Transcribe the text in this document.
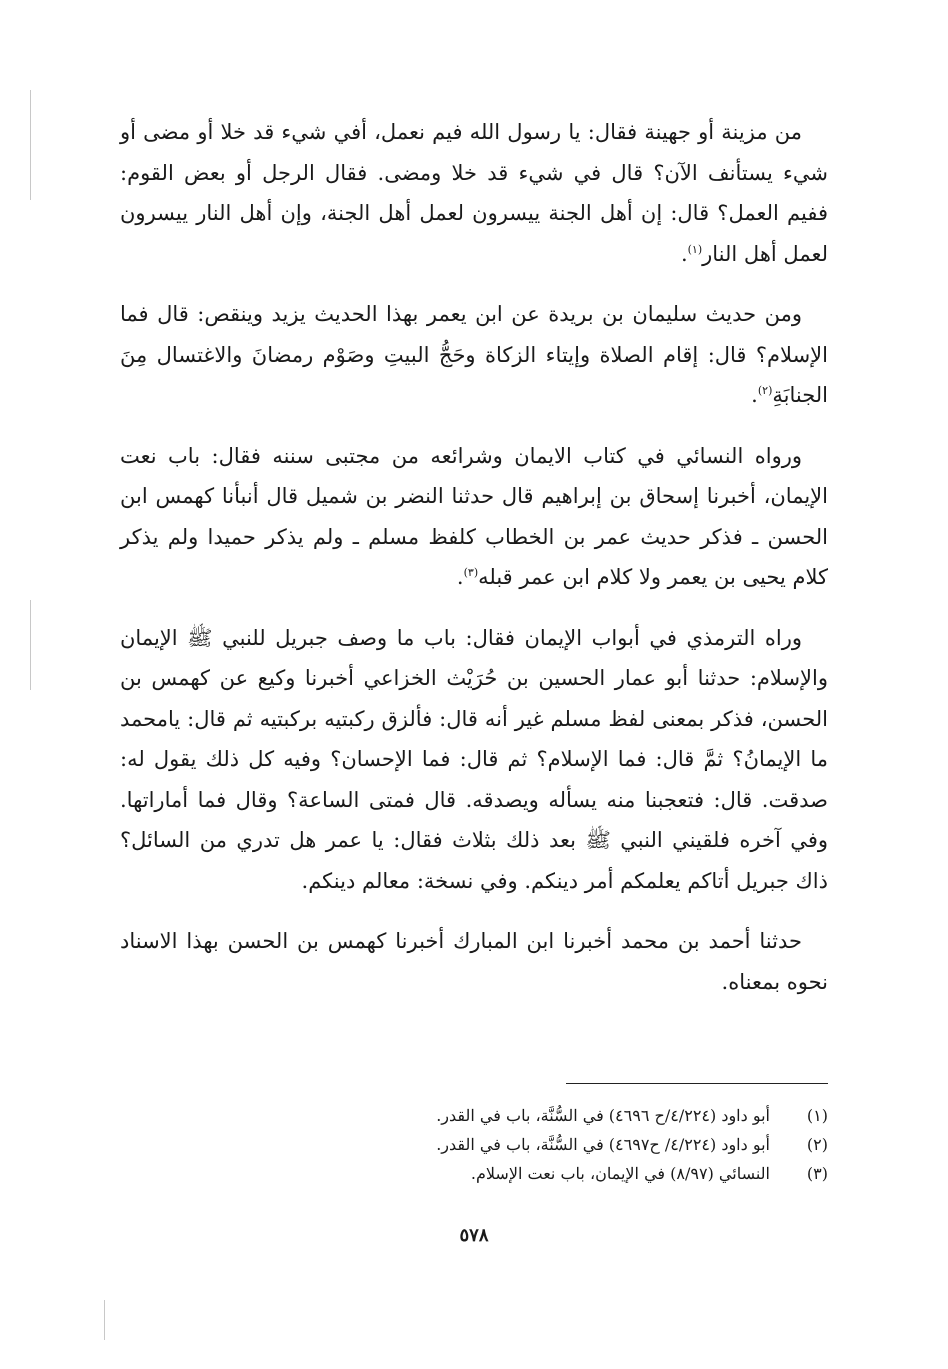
من مزينة أو جهينة فقال: يا رسول الله فيم نعمل، أفي شيء قد خلا أو مضى أو شيء يستأنف الآن؟ قال في شيء قد خلا ومضى. فقال الرجل أو بعض القوم: ففيم العمل؟ قال: إن أهل الجنة ييسرون لعمل أهل الجنة، وإن أهل النار ييسرون لعمل أهل النار$^{(١)}$.

ومن حديث سليمان بن بريدة عن ابن يعمر بهذا الحديث يزيد وينقص: قال فما الإسلام؟ قال: إقام الصلاة وإيتاء الزكاة وحَجُّ البيتِ وصَوْم رمضانَ والاغتسال مِنَ الجنابَةِ$^{(٢)}$.

ورواه النسائي في كتاب الايمان وشرائعه من مجتبى سننه فقال: باب نعت الإيمان، أخبرنا إسحاق بن إبراهيم قال حدثنا النضر بن شميل قال أنبأنا كهمس ابن الحسن ـ فذكر حديث عمر بن الخطاب كلفظ مسلم ـ ولم يذكر حميدا ولم يذكر كلام يحيى بن يعمر ولا كلام ابن عمر قبله$^{(٣)}$.

وراه الترمذي في أبواب الإيمان فقال: باب ما وصف جبريل للنبي ﷺ الإيمان والإسلام: حدثنا أبو عمار الحسين بن حُرَيْث الخزاعي أخبرنا وكيع عن كهمس بن الحسن، فذكر بمعنى لفظ مسلم غير أنه قال: فألزق ركبتيه بركبتيه ثم قال: يامحمد ما الإيمانُ؟ ثمَّ قال: فما الإسلام؟ ثم قال: فما الإحسان؟ وفيه كل ذلك يقول له: صدقت. قال: فتعجبنا منه يسأله ويصدقه. قال فمتى الساعة؟ وقال فما أماراتها. وفي آخره فلقيني النبي ﷺ بعد ذلك بثلاث فقال: يا عمر هل تدري من السائل؟ ذاك جبريل أتاكم يعلمكم أمر دينكم. وفي نسخة: معالم دينكم.

حدثنا أحمد بن محمد أخبرنا ابن المبارك أخبرنا كهمس بن الحسن بهذا الاسناد نحوه بمعناه.

(١)
أبو داود (٤/٢٢٤/ح ٤٦٩٦) في السُّنَّة، باب في القدر.
(٢)
أبو داود (٤/٢٢٤/ ح٤٦٩٧) في السُّنَّة، باب في القدر.
(٣)
النسائي (٨/٩٧) في الإيمان، باب نعت الإسلام.
٥٧٨
